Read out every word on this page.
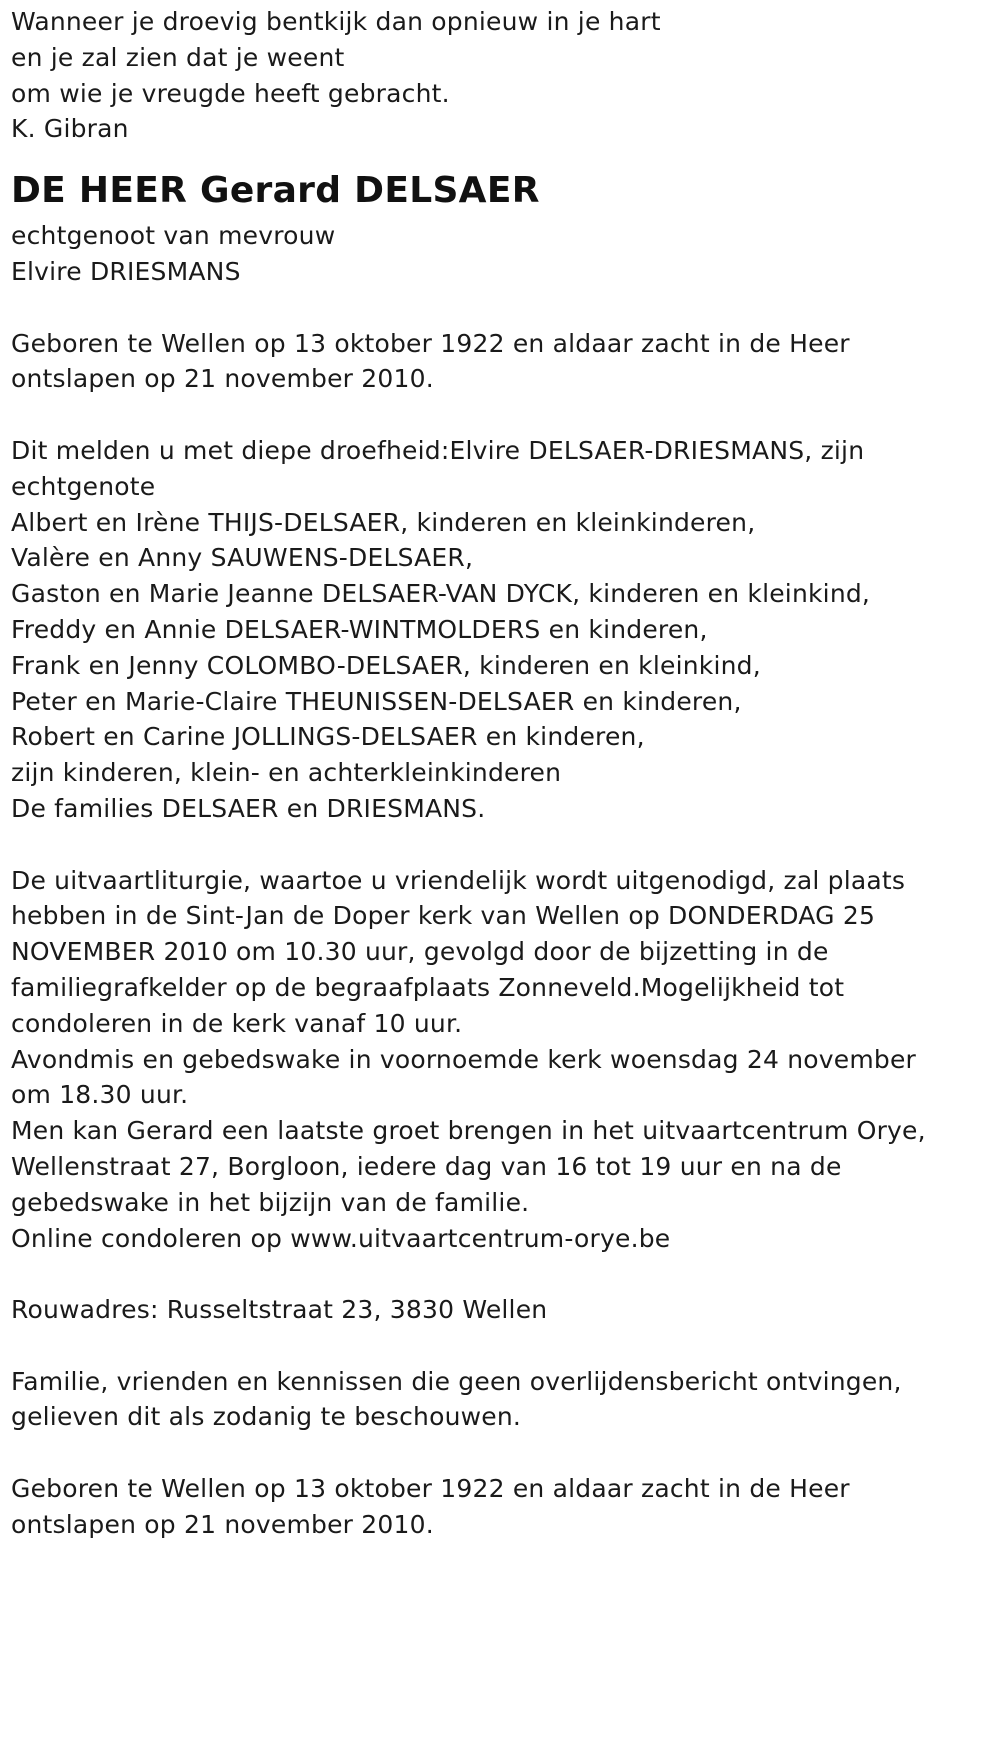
Wanneer je droevig bentkijk dan opnieuw in je hart
en je zal zien dat je weent
om wie je vreugde heeft gebracht.
K. Gibran
DE HEER Gerard DELSAER
echtgenoot van mevrouw
Elvire DRIESMANS
Geboren te Wellen op 13 oktober 1922 en aldaar zacht in de Heer
ontslapen op 21 november 2010.
Dit melden u met diepe droefheid:Elvire DELSAER-DRIESMANS, zijn
echtgenote
Albert en Irène THIJS-DELSAER, kinderen en kleinkinderen,
Valère en Anny SAUWENS-DELSAER,
Gaston en Marie Jeanne DELSAER-VAN DYCK, kinderen en kleinkind,
Freddy en Annie DELSAER-WINTMOLDERS en kinderen,
Frank en Jenny COLOMBO-DELSAER, kinderen en kleinkind,
Peter en Marie-Claire THEUNISSEN-DELSAER en kinderen,
Robert en Carine JOLLINGS-DELSAER en kinderen,
zijn kinderen, klein- en achterkleinkinderen
De families DELSAER en DRIESMANS.
De uitvaartliturgie, waartoe u vriendelijk wordt uitgenodigd, zal plaats
hebben in de Sint-Jan de Doper kerk van Wellen op DONDERDAG 25
NOVEMBER 2010 om 10.30 uur, gevolgd door de bijzetting in de
familiegrafkelder op de begraafplaats Zonneveld.Mogelijkheid tot
condoleren in de kerk vanaf 10 uur.
Avondmis en gebedswake in voornoemde kerk woensdag 24 november
om 18.30 uur.
Men kan Gerard een laatste groet brengen in het uitvaartcentrum Orye,
Wellenstraat 27, Borgloon, iedere dag van 16 tot 19 uur en na de
gebedswake in het bijzijn van de familie.
Online condoleren op www.uitvaartcentrum-orye.be
Rouwadres: Russeltstraat 23, 3830 Wellen
Familie, vrienden en kennissen die geen overlijdensbericht ontvingen,
gelieven dit als zodanig te beschouwen.
Geboren te Wellen op 13 oktober 1922 en aldaar zacht in de Heer
ontslapen op 21 november 2010.
